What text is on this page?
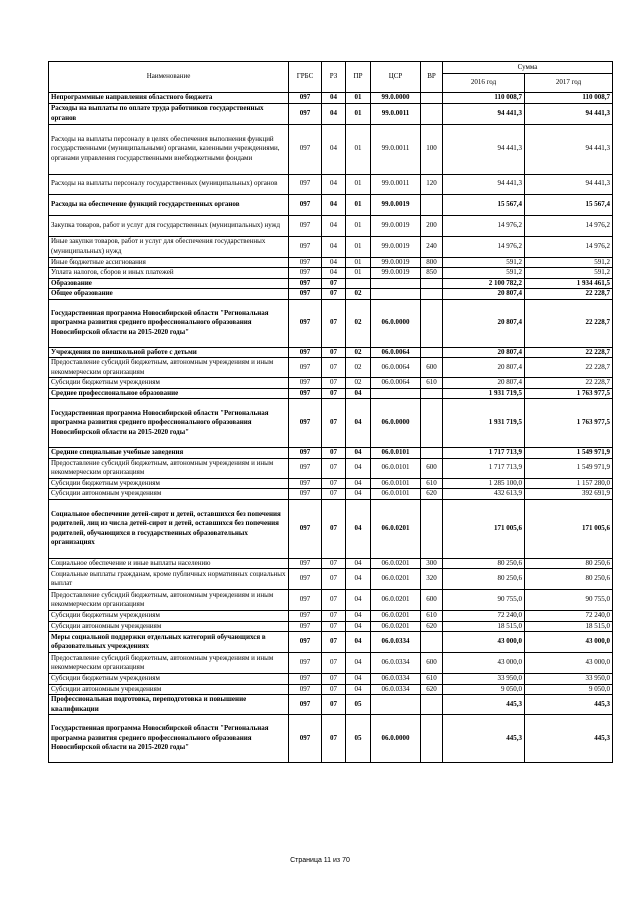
Наименование	ГРБС	РЗ	ПР	ЦСР	ВР	Сумма	
						2016 год	2017 год
Непрограммные направления областного бюджета	097	04	01	99.0.0000		110 008,7	110 008,7
Расходы на выплаты по оплате труда работников государственных органов	097	04	01	99.0.0011		94 441,3	94 441,3
Расходы на выплаты персоналу в целях обеспечения выполнения функций государственными (муниципальными) органами, казенными учреждениями, органами управления государственными внебюджетными фондами	097	04	01	99.0.0011	100	94 441,3	94 441,3
Расходы на выплаты персоналу государственных (муниципальных) органов	097	04	01	99.0.0011	120	94 441,3	94 441,3
Расходы на обеспечение функций государственных органов	097	04	01	99.0.0019		15 567,4	15 567,4
Закупка товаров, работ и услуг для государственных (муниципальных) нужд	097	04	01	99.0.0019	200	14 976,2	14 976,2
Иные закупки товаров, работ и услуг для обеспечения государственных (муниципальных) нужд	097	04	01	99.0.0019	240	14 976,2	14 976,2
Иные бюджетные ассигнования	097	04	01	99.0.0019	800	591,2	591,2
Уплата налогов, сборов и иных платежей	097	04	01	99.0.0019	850	591,2	591,2
Образование	097	07				2 100 782,2	1 934 461,5
Общее образование	097	07	02			20 807,4	22 228,7
Государственная программа Новосибирской области "Региональная программа развития среднего профессионального образования Новосибирской области на 2015-2020 годы"	097	07	02	06.0.0000		20 807,4	22 228,7
Учреждения по внешкольной работе с детьми	097	07	02	06.0.0064		20 807,4	22 228,7
Предоставление субсидий бюджетным, автономным учреждениям и иным некоммерческим организациям	097	07	02	06.0.0064	600	20 807,4	22 228,7
Субсидии бюджетным учреждениям	097	07	02	06.0.0064	610	20 807,4	22 228,7
Среднее профессиональное образование	097	07	04			1 931 719,5	1 763 977,5
Государственная программа Новосибирской области "Региональная программа развития среднего профессионального образования Новосибирской области на 2015-2020 годы"	097	07	04	06.0.0000		1 931 719,5	1 763 977,5
Средние специальные учебные заведения	097	07	04	06.0.0101		1 717 713,9	1 549 971,9
Предоставление субсидий бюджетным, автономным учреждениям и иным некоммерческим организациям	097	07	04	06.0.0101	600	1 717 713,9	1 549 971,9
Субсидии бюджетным учреждениям	097	07	04	06.0.0101	610	1 285 100,0	1 157 280,0
Субсидии автономным учреждениям	097	07	04	06.0.0101	620	432 613,9	392 691,9
Социальное обеспечение детей-сирот и детей, оставшихся без попечения родителей, лиц из числа детей-сирот и детей, оставшихся без попечения родителей, обучающихся в государственных образовательных организациях	097	07	04	06.0.0201		171 005,6	171 005,6
Социальное обеспечение и иные выплаты населению	097	07	04	06.0.0201	300	80 250,6	80 250,6
Социальные выплаты гражданам, кроме публичных нормативных социальных выплат	097	07	04	06.0.0201	320	80 250,6	80 250,6
Предоставление субсидий бюджетным, автономным учреждениям и иным некоммерческим организациям	097	07	04	06.0.0201	600	90 755,0	90 755,0
Субсидии бюджетным учреждениям	097	07	04	06.0.0201	610	72 240,0	72 240,0
Субсидии автономным учреждениям	097	07	04	06.0.0201	620	18 515,0	18 515,0
Меры социальной поддержки отдельных категорий обучающихся в образовательных учреждениях	097	07	04	06.0.0334		43 000,0	43 000,0
Предоставление субсидий бюджетным, автономным учреждениям и иным некоммерческим организациям	097	07	04	06.0.0334	600	43 000,0	43 000,0
Субсидии бюджетным учреждениям	097	07	04	06.0.0334	610	33 950,0	33 950,0
Субсидии автономным учреждениям	097	07	04	06.0.0334	620	9 050,0	9 050,0
Профессиональная подготовка, переподготовка и повышение квалификации	097	07	05			445,3	445,3
Государственная программа Новосибирской области "Региональная программа развития среднего профессионального образования Новосибирской области на 2015-2020 годы"	097	07	05	06.0.0000		445,3	445,3
Страница 11 из 70
